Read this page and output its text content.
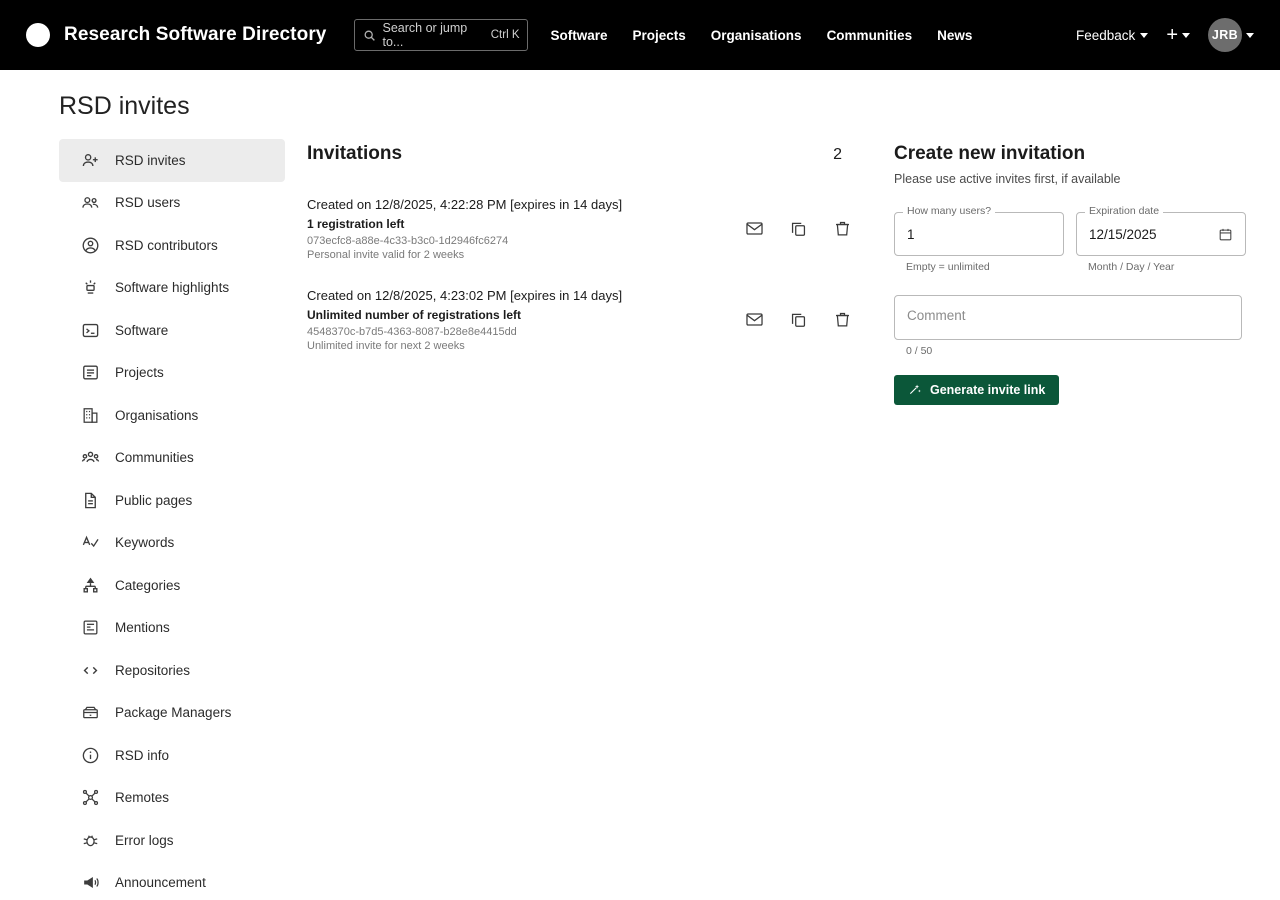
Research Software Directory	Search or jump to...	Ctrl K Software Projects Organisations Communities News	Feedback +	JRB
RSD invites
RSD invites
RSD users
RSD contributors
Software highlights
Software
Projects
Organisations
Communities
Public pages
Keywords
Categories
Mentions
Repositories
Package Managers
RSD info
Remotes
Error logs
Announcement
Invitations	2
Created on 12/8/2025, 4:22:28 PM [expires in 14 days]
1 registration left
073ecfc8-a88e-4c33-b3c0-1d2946fc6274
Personal invite valid for 2 weeks
Created on 12/8/2025, 4:23:02 PM [expires in 14 days]
Unlimited number of registrations left
4548370c-b7d5-4363-8087-b28e8e4415dd
Unlimited invite for next 2 weeks
Create new invitation
Please use active invites first, if available
How many users?
1
Empty = unlimited
Expiration date
12/15/2025
Month / Day / Year
Comment
0 / 50
Generate invite link
